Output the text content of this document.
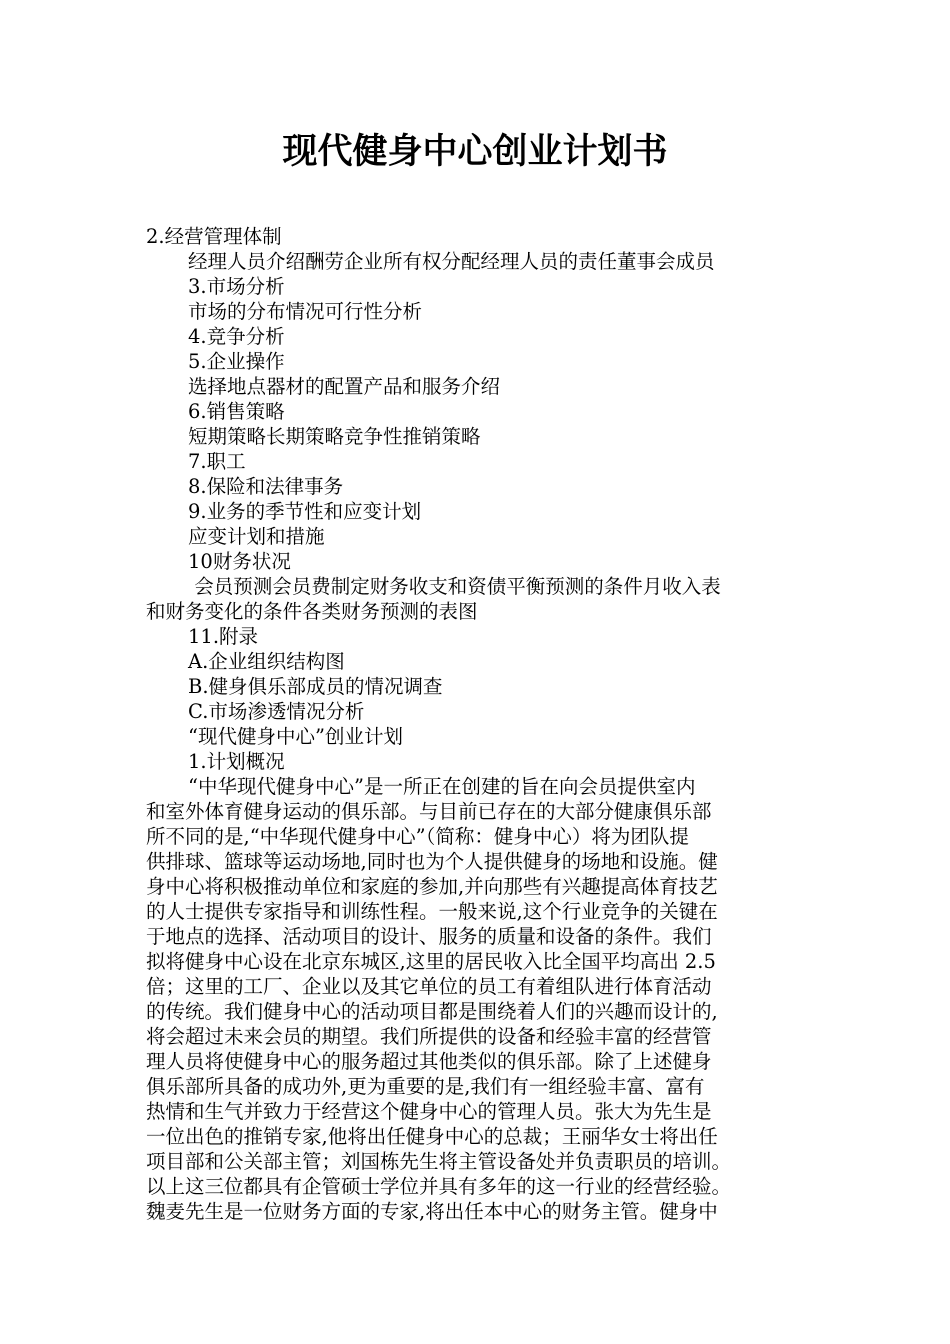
现代健身中心创业计划书
2.经营管理体制
经理人员介绍酬劳企业所有权分配经理人员的责任董事会成员
3.市场分析
市场的分布情况可行性分析
4.竞争分析
5.企业操作
选择地点器材的配置产品和服务介绍
6.销售策略
短期策略长期策略竞争性推销策略
7.职工
8.保险和法律事务
9.业务的季节性和应变计划
应变计划和措施
10财务状况
会员预测会员费制定财务收支和资债平衡预测的条件月收入表
和财务变化的条件各类财务预测的表图
11.附录
A.企业组织结构图
B.健身俱乐部成员的情况调查
C.市场渗透情况分析
“现代健身中心”创业计划
1.计划概况
“中华现代健身中心”是一所正在创建的旨在向会员提供室内
和室外体育健身运动的俱乐部。与目前已存在的大部分健康俱乐部
所不同的是,“中华现代健身中心”（简称：健身中心）将为团队提
供排球、篮球等运动场地,同时也为个人提供健身的场地和设施。健
身中心将积极推动单位和家庭的参加,并向那些有兴趣提高体育技艺
的人士提供专家指导和训练性程。一般来说,这个行业竞争的关键在
于地点的选择、活动项目的设计、服务的质量和设备的条件。我们
拟将健身中心设在北京东城区,这里的居民收入比全国平均高出 2.5
倍；这里的工厂、企业以及其它单位的员工有着组队进行体育活动
的传统。我们健身中心的活动项目都是围绕着人们的兴趣而设计的,
将会超过未来会员的期望。我们所提供的设备和经验丰富的经营管
理人员将使健身中心的服务超过其他类似的俱乐部。除了上述健身
俱乐部所具备的成功外,更为重要的是,我们有一组经验丰富、富有
热情和生气并致力于经营这个健身中心的管理人员。张大为先生是
一位出色的推销专家,他将出任健身中心的总裁；王丽华女士将出任
项目部和公关部主管；刘国栋先生将主管设备处并负责职员的培训。
以上这三位都具有企管硕士学位并具有多年的这一行业的经营经验。
魏麦先生是一位财务方面的专家,将出任本中心的财务主管。健身中
